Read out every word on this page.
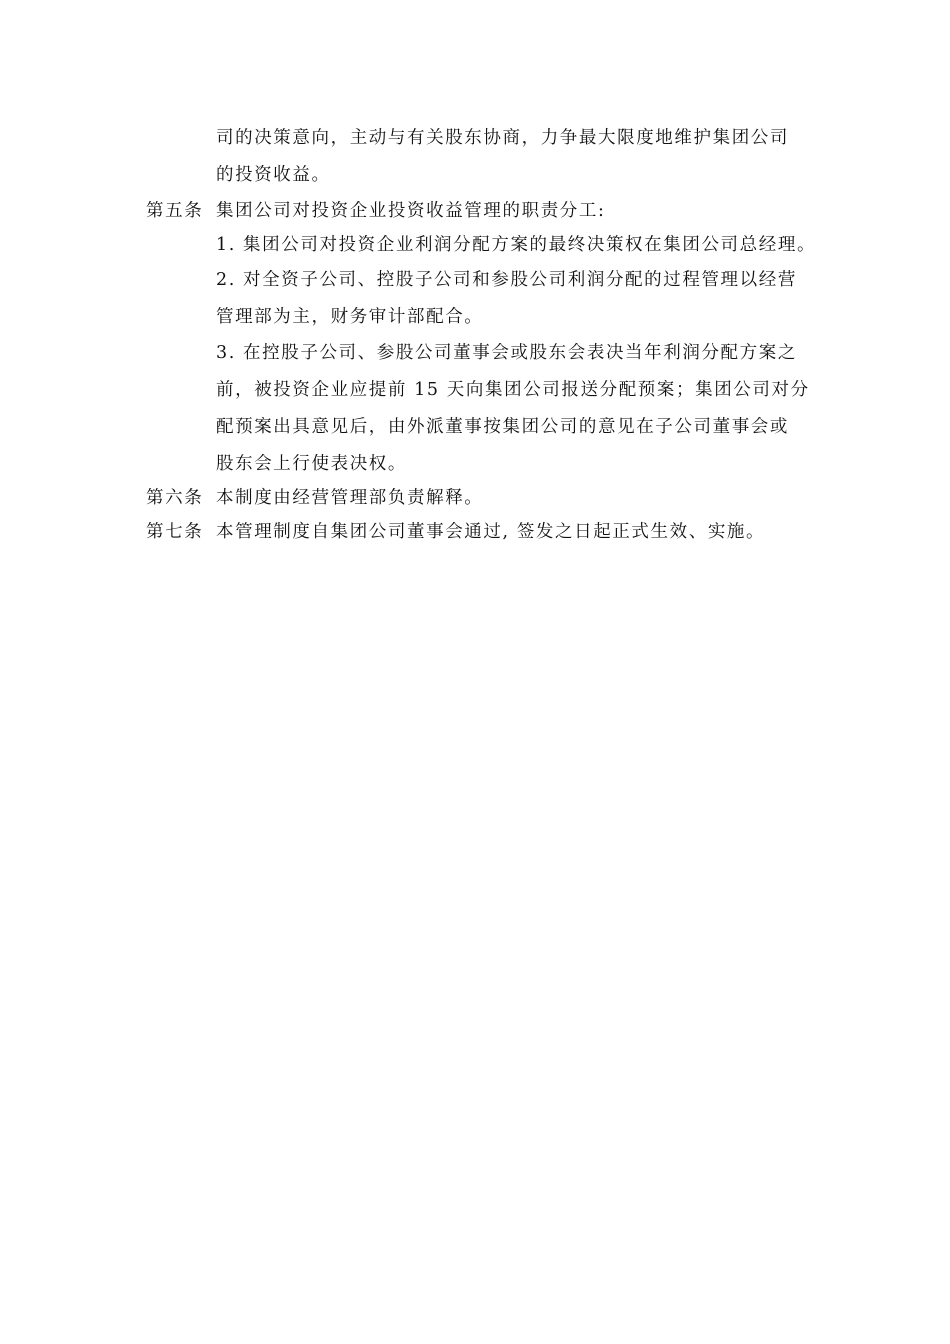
司的决策意向，主动与有关股东协商，力争最大限度地维护集团公司
的投资收益。
第五条 集团公司对投资企业投资收益管理的职责分工:
1. 集团公司对投资企业利润分配方案的最终决策权在集团公司总经理。
2. 对全资子公司、控股子公司和参股公司利润分配的过程管理以经营
管理部为主，财务审计部配合。
3. 在控股子公司、参股公司董事会或股东会表决当年利润分配方案之
前，被投资企业应提前 15 天向集团公司报送分配预案；集团公司对分
配预案出具意见后，由外派董事按集团公司的意见在子公司董事会或
股东会上行使表决权。
第六条 本制度由经营管理部负责解释。
第七条 本管理制度自集团公司董事会通过, 签发之日起正式生效、实施。
